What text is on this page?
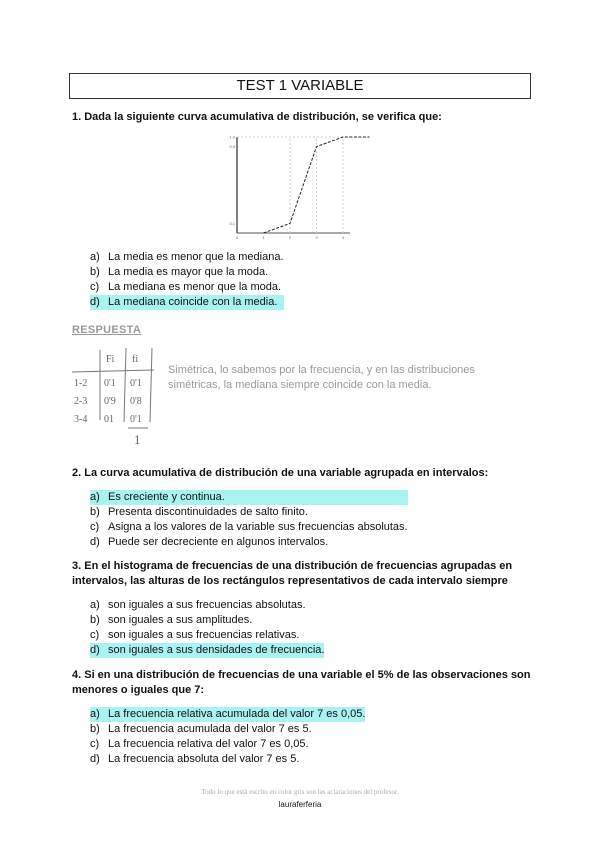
TEST 1 VARIABLE
1. Dada la siguiente curva acumulativa de distribución, se verifica que:
0	1	2	3	4
0,1
0,9
1,0
a) La media es menor que la mediana.
b) La media es mayor que la moda.
c) La mediana es menor que la moda.
d) La mediana coincide con la media.
RESPUESTA
Fi fi
1-2 0'1 0'1
2-3 0'9 0'8
3-4 01 0'1
1
Simétrica, lo sabemos por la frecuencia, y en las distribuciones
simétricas, la mediana siempre coincide con la media.
2. La curva acumulativa de distribución de una variable agrupada en intervalos:
a) Es creciente y continua.
b) Presenta discontinuidades de salto finito.
c) Asigna a los valores de la variable sus frecuencias absolutas.
d) Puede ser decreciente en algunos intervalos.
3. En el histograma de frecuencias de una distribución de frecuencias agrupadas en intervalos, las alturas de los rectángulos representativos de cada intervalo siempre
a) son iguales a sus frecuencias absolutas.
b) son iguales a sus amplitudes.
c) son iguales a sus frecuencias relativas.
d) son iguales a sus densidades de frecuencia.
4. Si en una distribución de frecuencias de una variable el 5% de las observaciones son menores o iguales que 7:
a) La frecuencia relativa acumulada del valor 7 es 0,05.
b) La frecuencia acumulada del valor 7 es 5.
c) La frecuencia relativa del valor 7 es 0,05.
d) La frecuencia absoluta del valor 7 es 5.
Todo lo que está escrito en color gris son las aclaraciones del profesor.
lauraferferia
